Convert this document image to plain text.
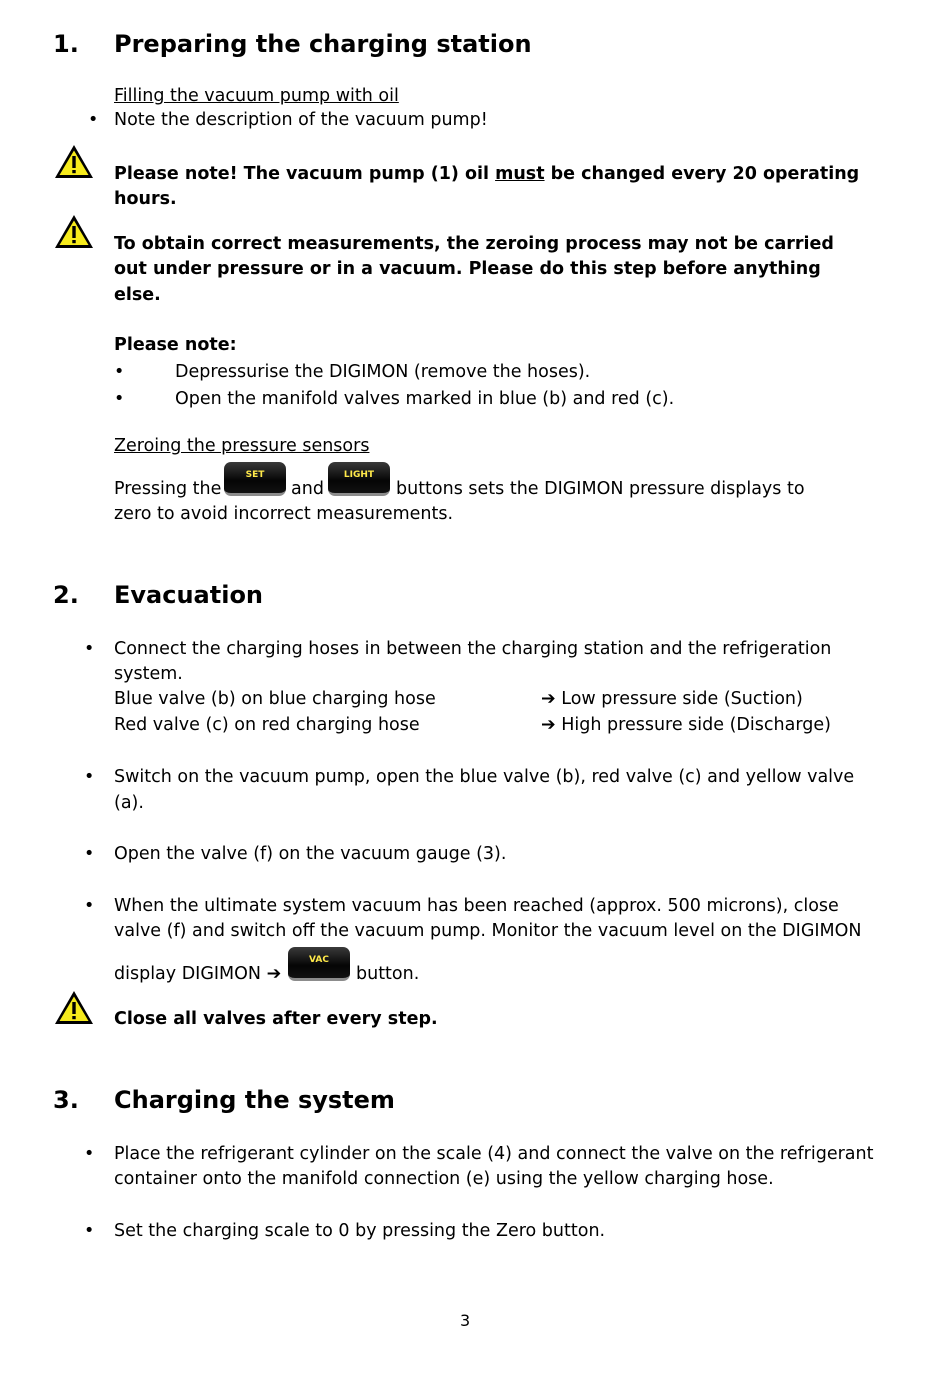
1. Preparing the charging station
Filling the vacuum pump with oil
•
Note the description of the vacuum pump!
Please note! The vacuum pump (1) oil must be changed every 20 operating
hours.
To obtain correct measurements, the zeroing process may not be carried
out under pressure or in a vacuum. Please do this step before anything
else.
Please note:
•
Depressurise the DIGIMON (remove the hoses).
•
Open the manifold valves marked in blue (b) and red (c).
Zeroing the pressure sensors
Pressing the
SET
and
LIGHT
buttons sets the DIGIMON pressure displays to
zero to avoid incorrect measurements.
2. Evacuation
•
Connect the charging hoses in between the charging station and the refrigeration
system.
Blue valve (b) on blue charging hose	➔ Low pressure side (Suction)
Red valve (c) on red charging hose	➔ High pressure side (Discharge)
•
Switch on the vacuum pump, open the blue valve (b), red valve (c) and yellow valve
(a).
•
Open the valve (f) on the vacuum gauge (3).
•
When the ultimate system vacuum has been reached (approx. 500 microns), close
valve (f) and switch off the vacuum pump. Monitor the vacuum level on the DIGIMON
display DIGIMON ➔
VAC
button.
Close all valves after every step.
3. Charging the system
•
Place the refrigerant cylinder on the scale (4) and connect the valve on the refrigerant
container onto the manifold connection (e) using the yellow charging hose.
•
Set the charging scale to 0 by pressing the Zero button.
3
